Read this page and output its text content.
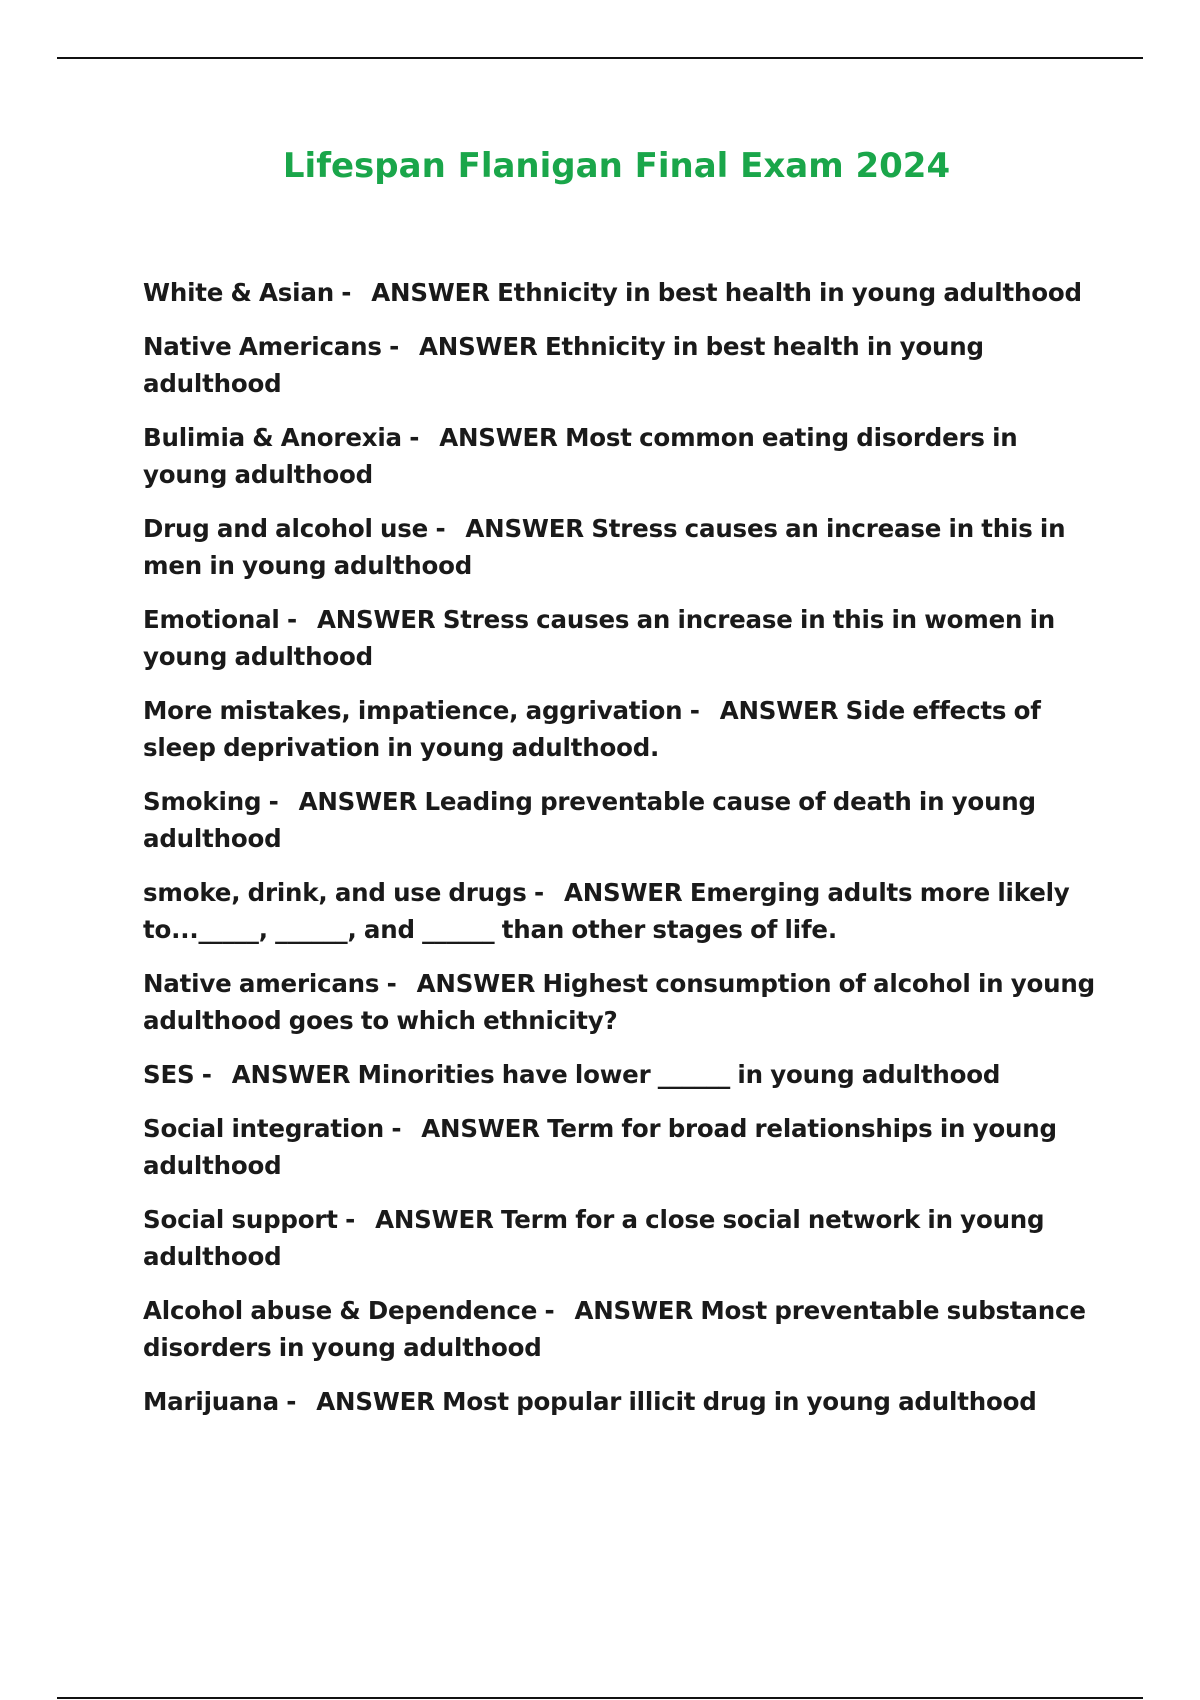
Lifespan Flanigan Final Exam 2024
White & Asian - ANSWER Ethnicity in best health in young adulthood
Native Americans - ANSWER Ethnicity in best health in young adulthood
Bulimia & Anorexia - ANSWER Most common eating disorders in young adulthood
Drug and alcohol use - ANSWER Stress causes an increase in this in men in young adulthood
Emotional - ANSWER Stress causes an increase in this in women in young adulthood
More mistakes, impatience, aggrivation - ANSWER Side effects of sleep deprivation in young adulthood.
Smoking - ANSWER Leading preventable cause of death in young adulthood
smoke, drink, and use drugs - ANSWER Emerging adults more likely to..._____, ______, and ______ than other stages of life.
Native americans - ANSWER Highest consumption of alcohol in young adulthood goes to which ethnicity?
SES - ANSWER Minorities have lower ______ in young adulthood
Social integration - ANSWER Term for broad relationships in young adulthood
Social support - ANSWER Term for a close social network in young adulthood
Alcohol abuse & Dependence - ANSWER Most preventable substance disorders in young adulthood
Marijuana - ANSWER Most popular illicit drug in young adulthood
